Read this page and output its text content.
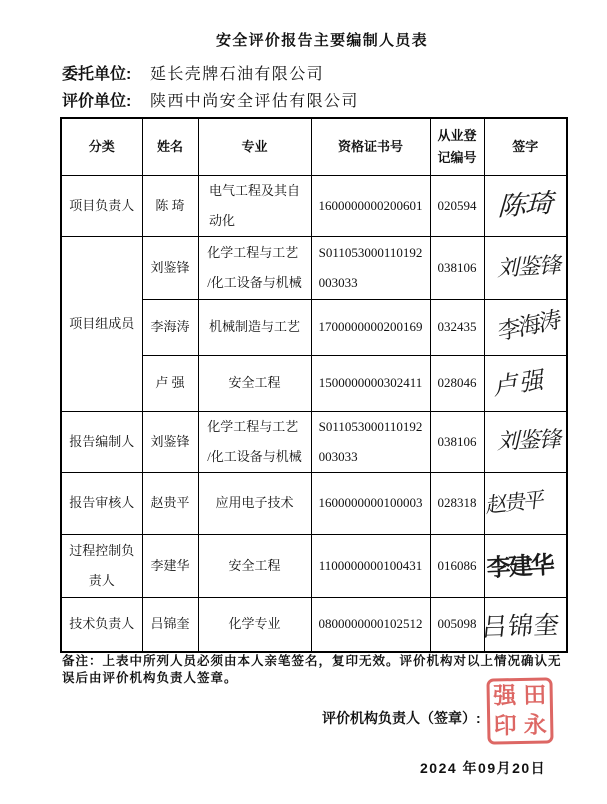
安全评价报告主要编制人员表
委托单位: 延长壳牌石油有限公司
评价单位: 陕西中尚安全评估有限公司
分类	姓名	专业	资格证书号	从业登
记编号	签字
项目负责人	陈 琦	电气工程及其自
动化	1600000000200601	020594	陈琦

项目组成员	刘鉴锋	化学工程与工艺
/化工设备与机械	S011053000110192
003033	038106	刘鉴锋

	李海涛	机械制造与工艺	1700000000200169	032435	李海涛

	卢 强	安全工程	1500000000302411	028046	卢强

报告编制人	刘鉴锋	化学工程与工艺
/化工设备与机械	S011053000110192
003033	038106	刘鉴锋

报告审核人	赵贵平	应用电子技术	1600000000100003	028318	赵贵平

过程控制负
责人	李建华	安全工程	1100000000100431	016086	李建华

技术负责人	吕锦奎	化学专业	0800000000102512	005098	吕锦奎
备注：上表中所列人员必须由本人亲笔签名，复印无效。评价机构对以上情况确认无误后由评价机构负责人签章。
评价机构负责人（签章）:
强 田
印 永
2024 年09月20日
